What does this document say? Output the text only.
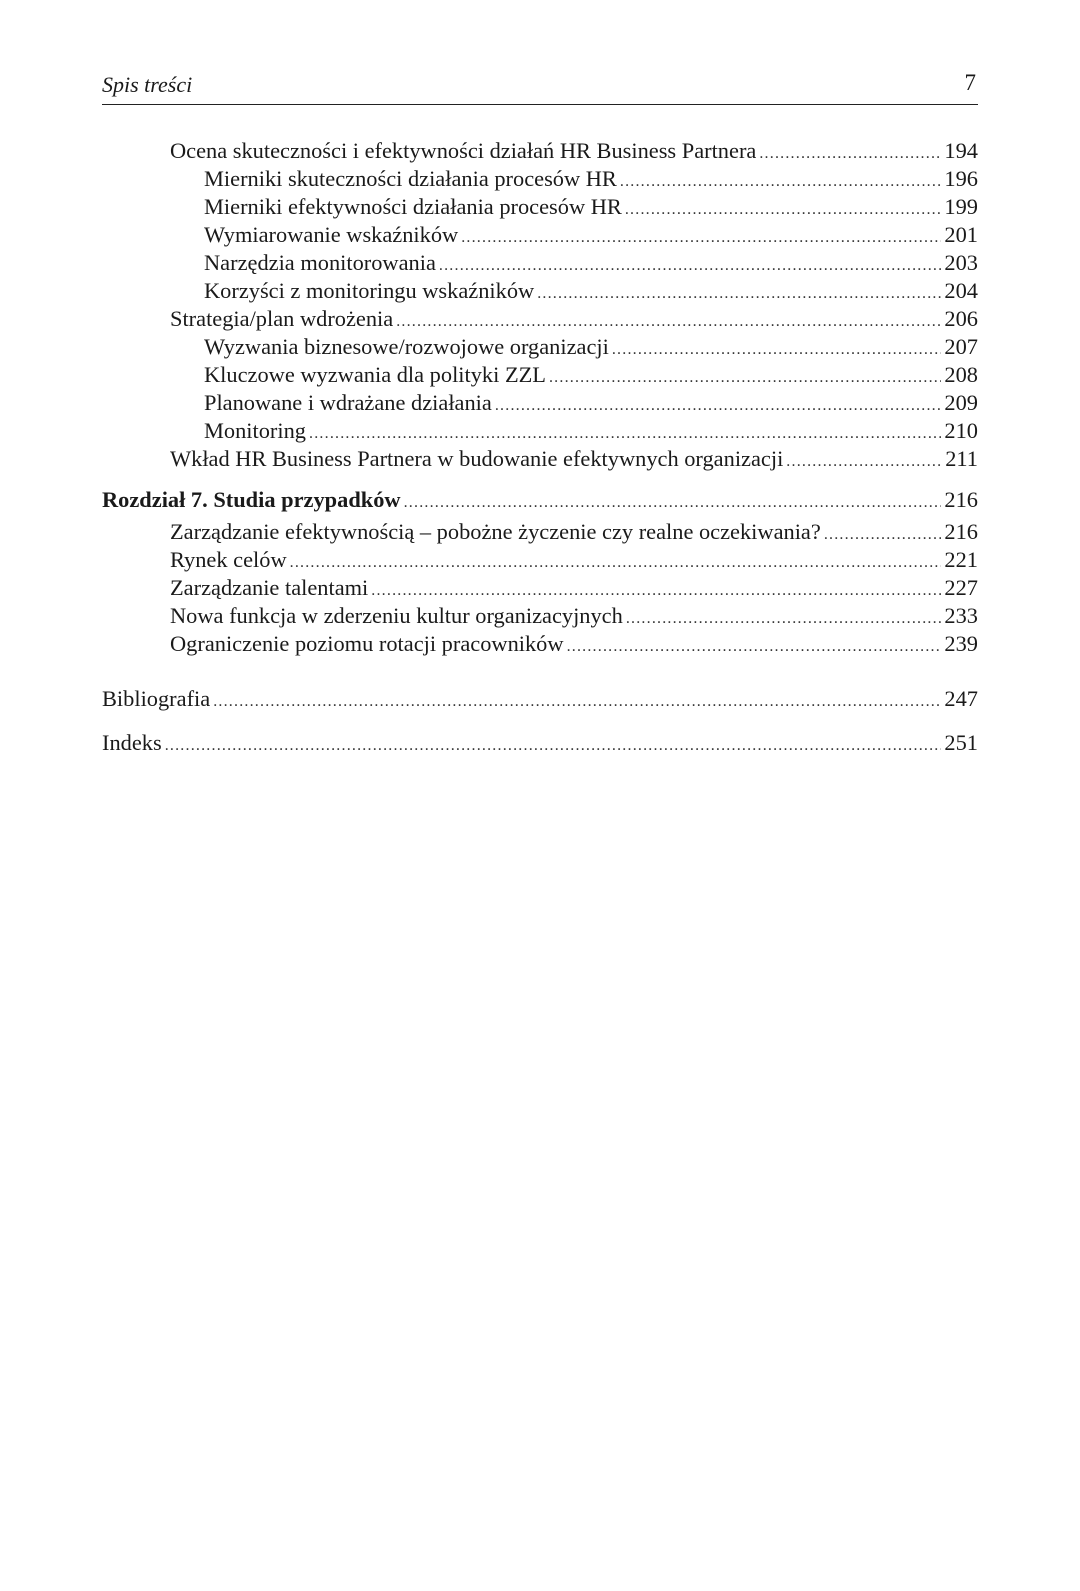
Spis treści	7
Ocena skuteczności i efektywności działań HR Business Partnera .....	194
Mierniki skuteczności działania procesów HR .....	196
Mierniki efektywności działania procesów HR .....	199
Wymiarowanie wskaźników .....	201
Narzędzia monitorowania .....	203
Korzyści z monitoringu wskaźników .....	204
Strategia/plan wdrożenia .....	206
Wyzwania biznesowe/rozwojowe organizacji .....	207
Kluczowe wyzwania dla polityki ZZL .....	208
Planowane i wdrażane działania .....	209
Monitoring .....	210
Wkład HR Business Partnera w budowanie efektywnych organizacji .....	211
Rozdział 7. Studia przypadków .....	216
Zarządzanie efektywnością – pobożne życzenie czy realne oczekiwania? .....	216
Rynek celów .....	221
Zarządzanie talentami .....	227
Nowa funkcja w zderzeniu kultur organizacyjnych .....	233
Ograniczenie poziomu rotacji pracowników .....	239
Bibliografia .....	247
Indeks .....	251
